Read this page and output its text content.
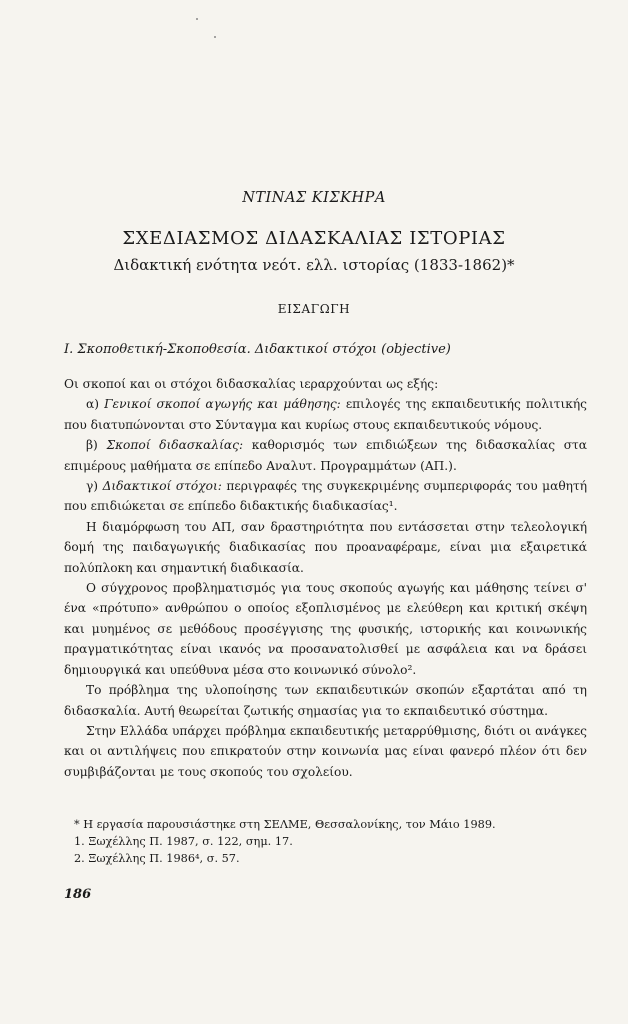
ΝΤΙΝΑΣ ΚΙΣΚΗΡΑ
ΣΧΕΔΙΑΣΜΟΣ ΔΙΔΑΣΚΑΛΙΑΣ ΙΣΤΟΡΙΑΣ
Διδακτική ενότητα νεότ. ελλ. ιστορίας (1833-1862)*
ΕΙΣΑΓΩΓΗ
Ι. Σκοποθετική-Σκοποθεσία. Διδακτικοί στόχοι (objective)

Οι σκοποί και οι στόχοι διδασκαλίας ιεραρχούνται ως εξής:

α) Γενικοί σκοποί αγωγής και μάθησης: επιλογές της εκπαιδευτικής πολιτικής που διατυπώνονται στο Σύνταγμα και κυρίως στους εκπαιδευτικούς νόμους.

β) Σκοποί διδασκαλίας: καθορισμός των επιδιώξεων της διδασκαλίας στα επιμέρους μαθήματα σε επίπεδο Αναλυτ. Προγραμμάτων (ΑΠ.).

γ) Διδακτικοί στόχοι: περιγραφές της συγκεκριμένης συμπεριφοράς του μαθητή που επιδιώκεται σε επίπεδο διδακτικής διαδικασίας¹.

Η διαμόρφωση του ΑΠ, σαν δραστηριότητα που εντάσσεται στην τελεολογική δομή της παιδαγωγικής διαδικασίας που προαναφέραμε, είναι μια εξαιρετικά πολύπλοκη και σημαντική διαδικασία.

Ο σύγχρονος προβληματισμός για τους σκοπούς αγωγής και μάθησης τείνει σ' ένα «πρότυπο» ανθρώπου ο οποίος εξοπλισμένος με ελεύθερη και κριτική σκέψη και μυημένος σε μεθόδους προσέγγισης της φυσικής, ιστορικής και κοινωνικής πραγματικότητας είναι ικανός να προσανατολισθεί με ασφάλεια και να δράσει δημιουργικά και υπεύθυνα μέσα στο κοινωνικό σύνολο².

Το πρόβλημα της υλοποίησης των εκπαιδευτικών σκοπών εξαρτάται από τη διδασκαλία. Αυτή θεωρείται ζωτικής σημασίας για το εκπαιδευτικό σύστημα.

Στην Ελλάδα υπάρχει πρόβλημα εκπαιδευτικής μεταρρύθμισης, διότι οι ανάγκες και οι αντιλήψεις που επικρατούν στην κοινωνία μας είναι φανερό πλέον ότι δεν συμβιβάζονται με τους σκοπούς του σχολείου.

* Η εργασία παρουσιάστηκε στη ΣΕΛΜΕ, Θεσσαλονίκης, τον Μάιο 1989.
1. Ξωχέλλης Π. 1987, σ. 122, σημ. 17.
2. Ξωχέλλης Π. 1986⁴, σ. 57.
186
